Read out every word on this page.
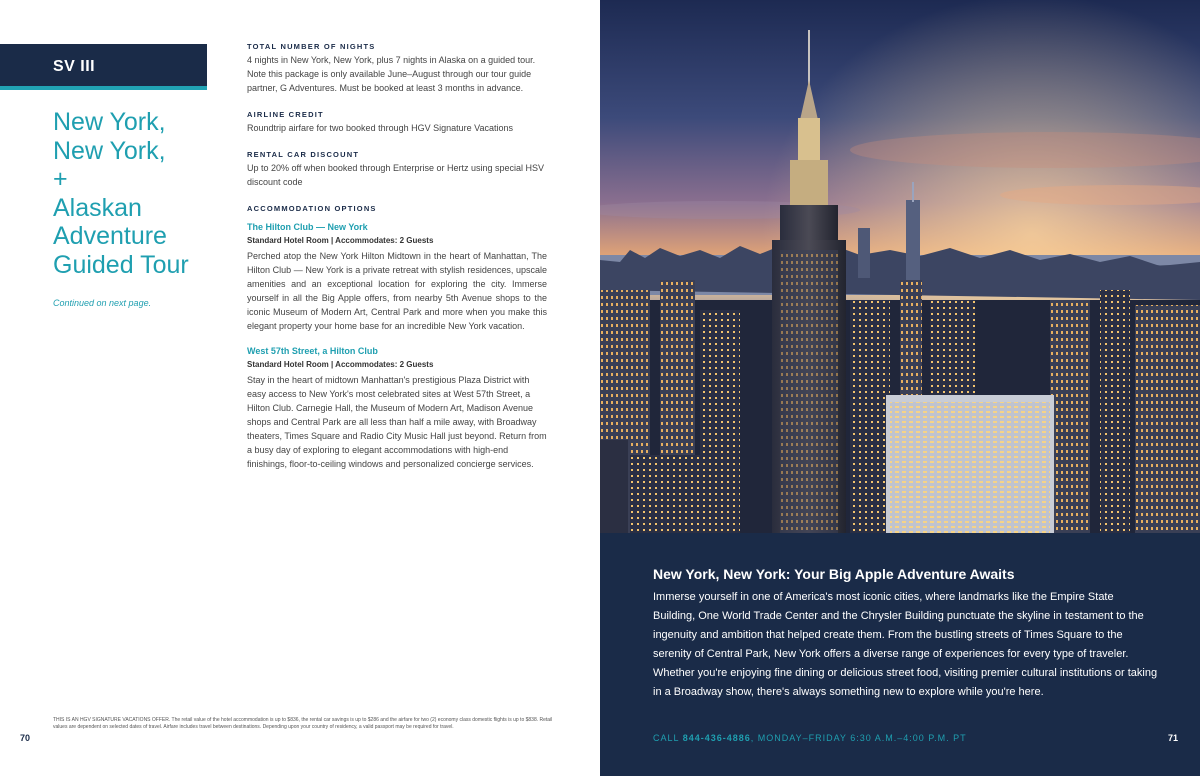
SV III
New York,
New York,
+
Alaskan
Adventure
Guided Tour
Continued on next page.
TOTAL NUMBER OF NIGHTS
4 nights in New York, New York, plus 7 nights in Alaska on a guided tour. Note this package is only available June–August through our tour guide partner, G Adventures. Must be booked at least 3 months in advance.
AIRLINE CREDIT
Roundtrip airfare for two booked through HGV Signature Vacations
RENTAL CAR DISCOUNT
Up to 20% off when booked through Enterprise or Hertz using special HSV discount code
ACCOMMODATION OPTIONS
The Hilton Club — New York
Standard Hotel Room | Accommodates: 2 Guests
Perched atop the New York Hilton Midtown in the heart of Manhattan, The Hilton Club — New York is a private retreat with stylish residences, upscale amenities and an exceptional location for exploring the city. Immerse yourself in all the Big Apple offers, from nearby 5th Avenue shops to the iconic Museum of Modern Art, Central Park and more when you make this elegant property your home base for an incredible New York vacation.
West 57th Street, a Hilton Club
Standard Hotel Room | Accommodates: 2 Guests
Stay in the heart of midtown Manhattan's prestigious Plaza District with easy access to New York's most celebrated sites at West 57th Street, a Hilton Club. Carnegie Hall, the Museum of Modern Art, Madison Avenue shops and Central Park are all less than half a mile away, with Broadway theaters, Times Square and Radio City Music Hall just beyond. Return from a busy day of exploring to elegant accommodations with high-end finishings, floor-to-ceiling windows and personalized concierge services.
THIS IS AN HGV SIGNATURE VACATIONS OFFER. The retail value of the hotel accommodation is up to $836, the rental car savings is up to $286 and the airfare for two (2) economy class domestic flights is up to $838. Retail values are dependent on selected dates of travel. Airfare includes travel between destinations. Depending upon your country of residency, a valid passport may be required for travel.
70
New York, New York: Your Big Apple Adventure Awaits
Immerse yourself in one of America's most iconic cities, where landmarks like the Empire State Building, One World Trade Center and the Chrysler Building punctuate the skyline in testament to the ingenuity and ambition that helped create them. From the bustling streets of Times Square to the serenity of Central Park, New York offers a diverse range of experiences for every type of traveler. Whether you're enjoying fine dining or delicious street food, visiting premier cultural institutions or taking in a Broadway show, there's always something new to explore while you're here.
CALL 844-436-4886, MONDAY–FRIDAY 6:30 A.M.–4:00 P.M. PT	71
